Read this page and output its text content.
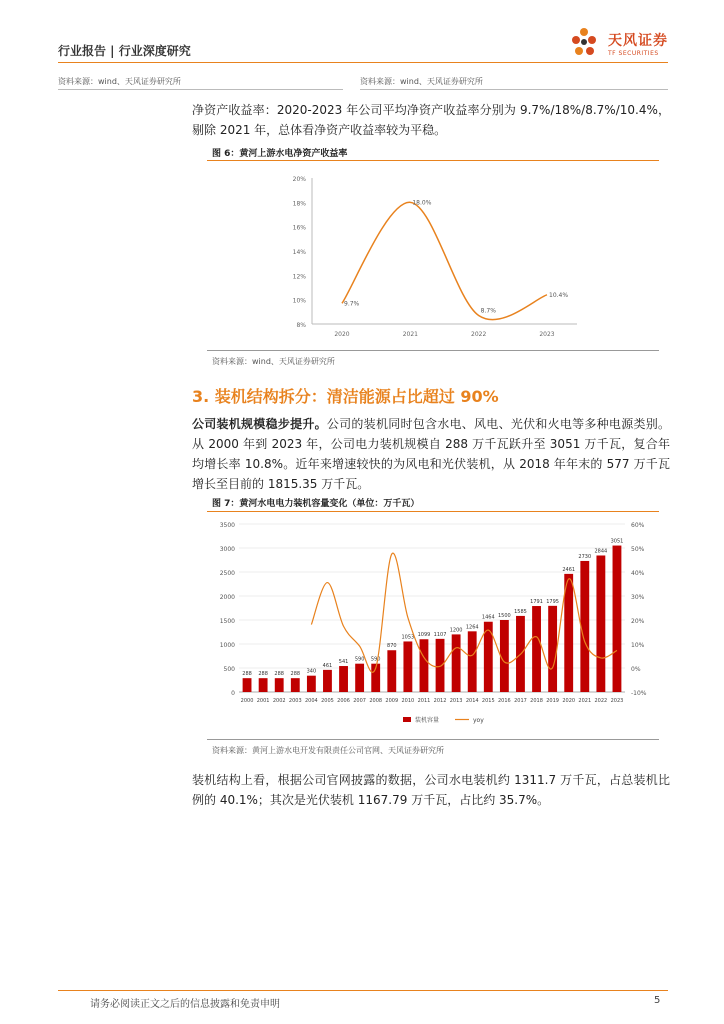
行业报告 | 行业深度研究
天风证券
TF SECURITIES
资料来源：wind、天风证券研究所	资料来源：wind、天风证券研究所
净资产收益率：2020-2023 年公司平均净资产收益率分别为 9.7%/18%/8.7%/10.4%，剔除 2021 年，总体看净资产收益率较为平稳。
图 6：黄河上游水电净资产收益率
8%
10%
12%
14%
16%
18%
20%
2020	2021	2022	2023
9.7%
18.0%
8.7%
10.4%
资料来源：wind、天风证券研究所
3. 装机结构拆分：清洁能源占比超过 90%
公司装机规模稳步提升。公司的装机同时包含水电、风电、光伏和火电等多种电源类别。从 2000 年到 2023 年，公司电力装机规模自 288 万千瓦跃升至 3051 万千瓦，复合年均增长率 10.8%。近年来增速较快的为风电和光伏装机，从 2018 年年末的 577 万千瓦增长至目前的 1815.35 万千瓦。
图 7：黄河水电电力装机容量变化（单位：万千瓦）
0
500
1000
1500
2000
2500
3000
3500
-10%
0%
10%
20%
30%
40%
50%
60%
288 288 288 288 340
461
541 590 590
870
1053 1099 1107
1200
1264
1464 1500
1585
1791 1795
2461
2730
2844
3051
2000 2001 2002 2003 2004 2005 2006 2007 2008 2009 2010 2011 2012 2013 2014 2015 2016 2017 2018 2019 2020 2021 2022 2023
装机容量	yoy
资料来源：黄河上游水电开发有限责任公司官网、天风证券研究所
装机结构上看，根据公司官网披露的数据，公司水电装机约 1311.7 万千瓦，占总装机比例的 40.1%；其次是光伏装机 1167.79 万千瓦，占比约 35.7%。
请务必阅读正文之后的信息披露和免责申明	5
